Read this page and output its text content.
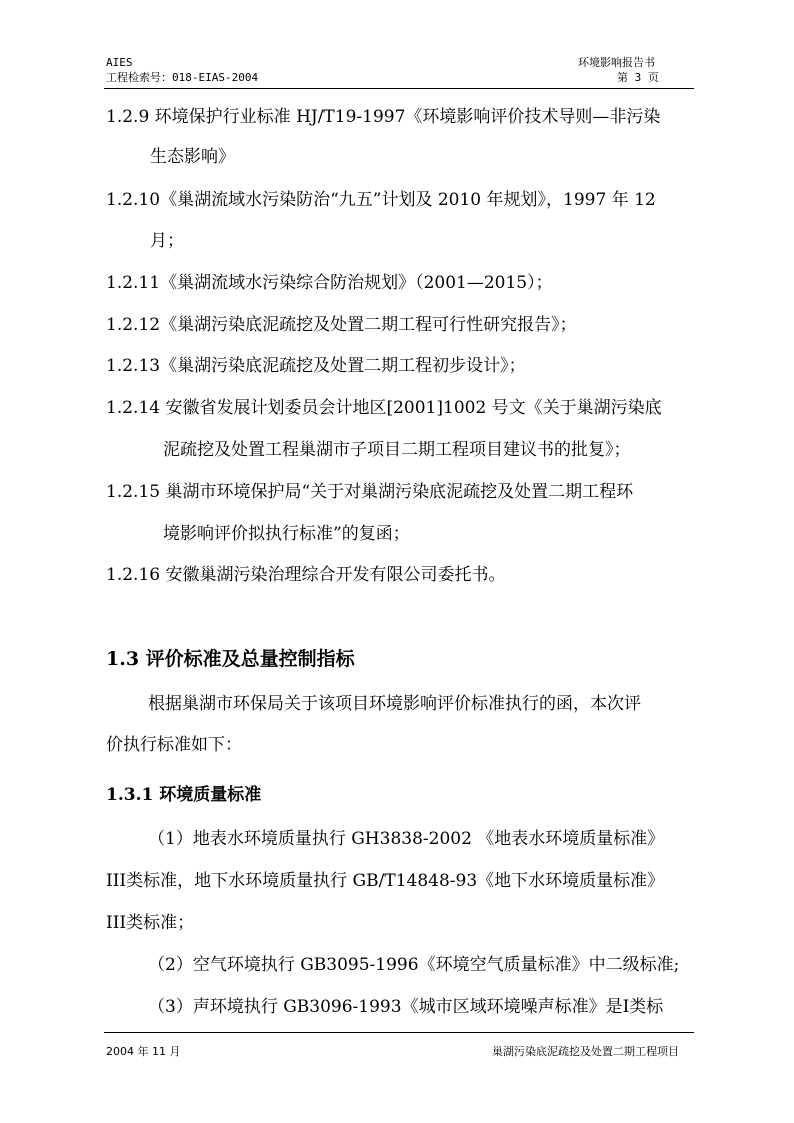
AIES
工程检索号：018-EIAS-2004
环境影响报告书
第 3 页
1.2.9 环境保护行业标准 HJ/T19-1997《环境影响评价技术导则—非污染
生态影响》
1.2.10《巢湖流域水污染防治“九五”计划及 2010 年规划》，1997 年 12
月；
1.2.11《巢湖流域水污染综合防治规划》（2001—2015）；
1.2.12《巢湖污染底泥疏挖及处置二期工程可行性研究报告》；
1.2.13《巢湖污染底泥疏挖及处置二期工程初步设计》；
1.2.14 安徽省发展计划委员会计地区[2001]1002 号文《关于巢湖污染底
泥疏挖及处置工程巢湖市子项目二期工程项目建议书的批复》；
1.2.15 巢湖市环境保护局“关于对巢湖污染底泥疏挖及处置二期工程环
境影响评价拟执行标准”的复函；
1.2.16 安徽巢湖污染治理综合开发有限公司委托书。
1.3 评价标准及总量控制指标
根据巢湖市环保局关于该项目环境影响评价标准执行的函，本次评
价执行标准如下：
1.3.1 环境质量标准
（1）地表水环境质量执行 GH3838-2002 《地表水环境质量标准》
III类标准，地下水环境质量执行 GB/T14848-93《地下水环境质量标准》
III类标准；
（2）空气环境执行 GB3095-1996《环境空气质量标准》中二级标准;
（3）声环境执行 GB3096-1993《城市区域环境噪声标准》是Ⅰ类标
2004 年 11 月	巢湖污染底泥疏挖及处置二期工程项目
